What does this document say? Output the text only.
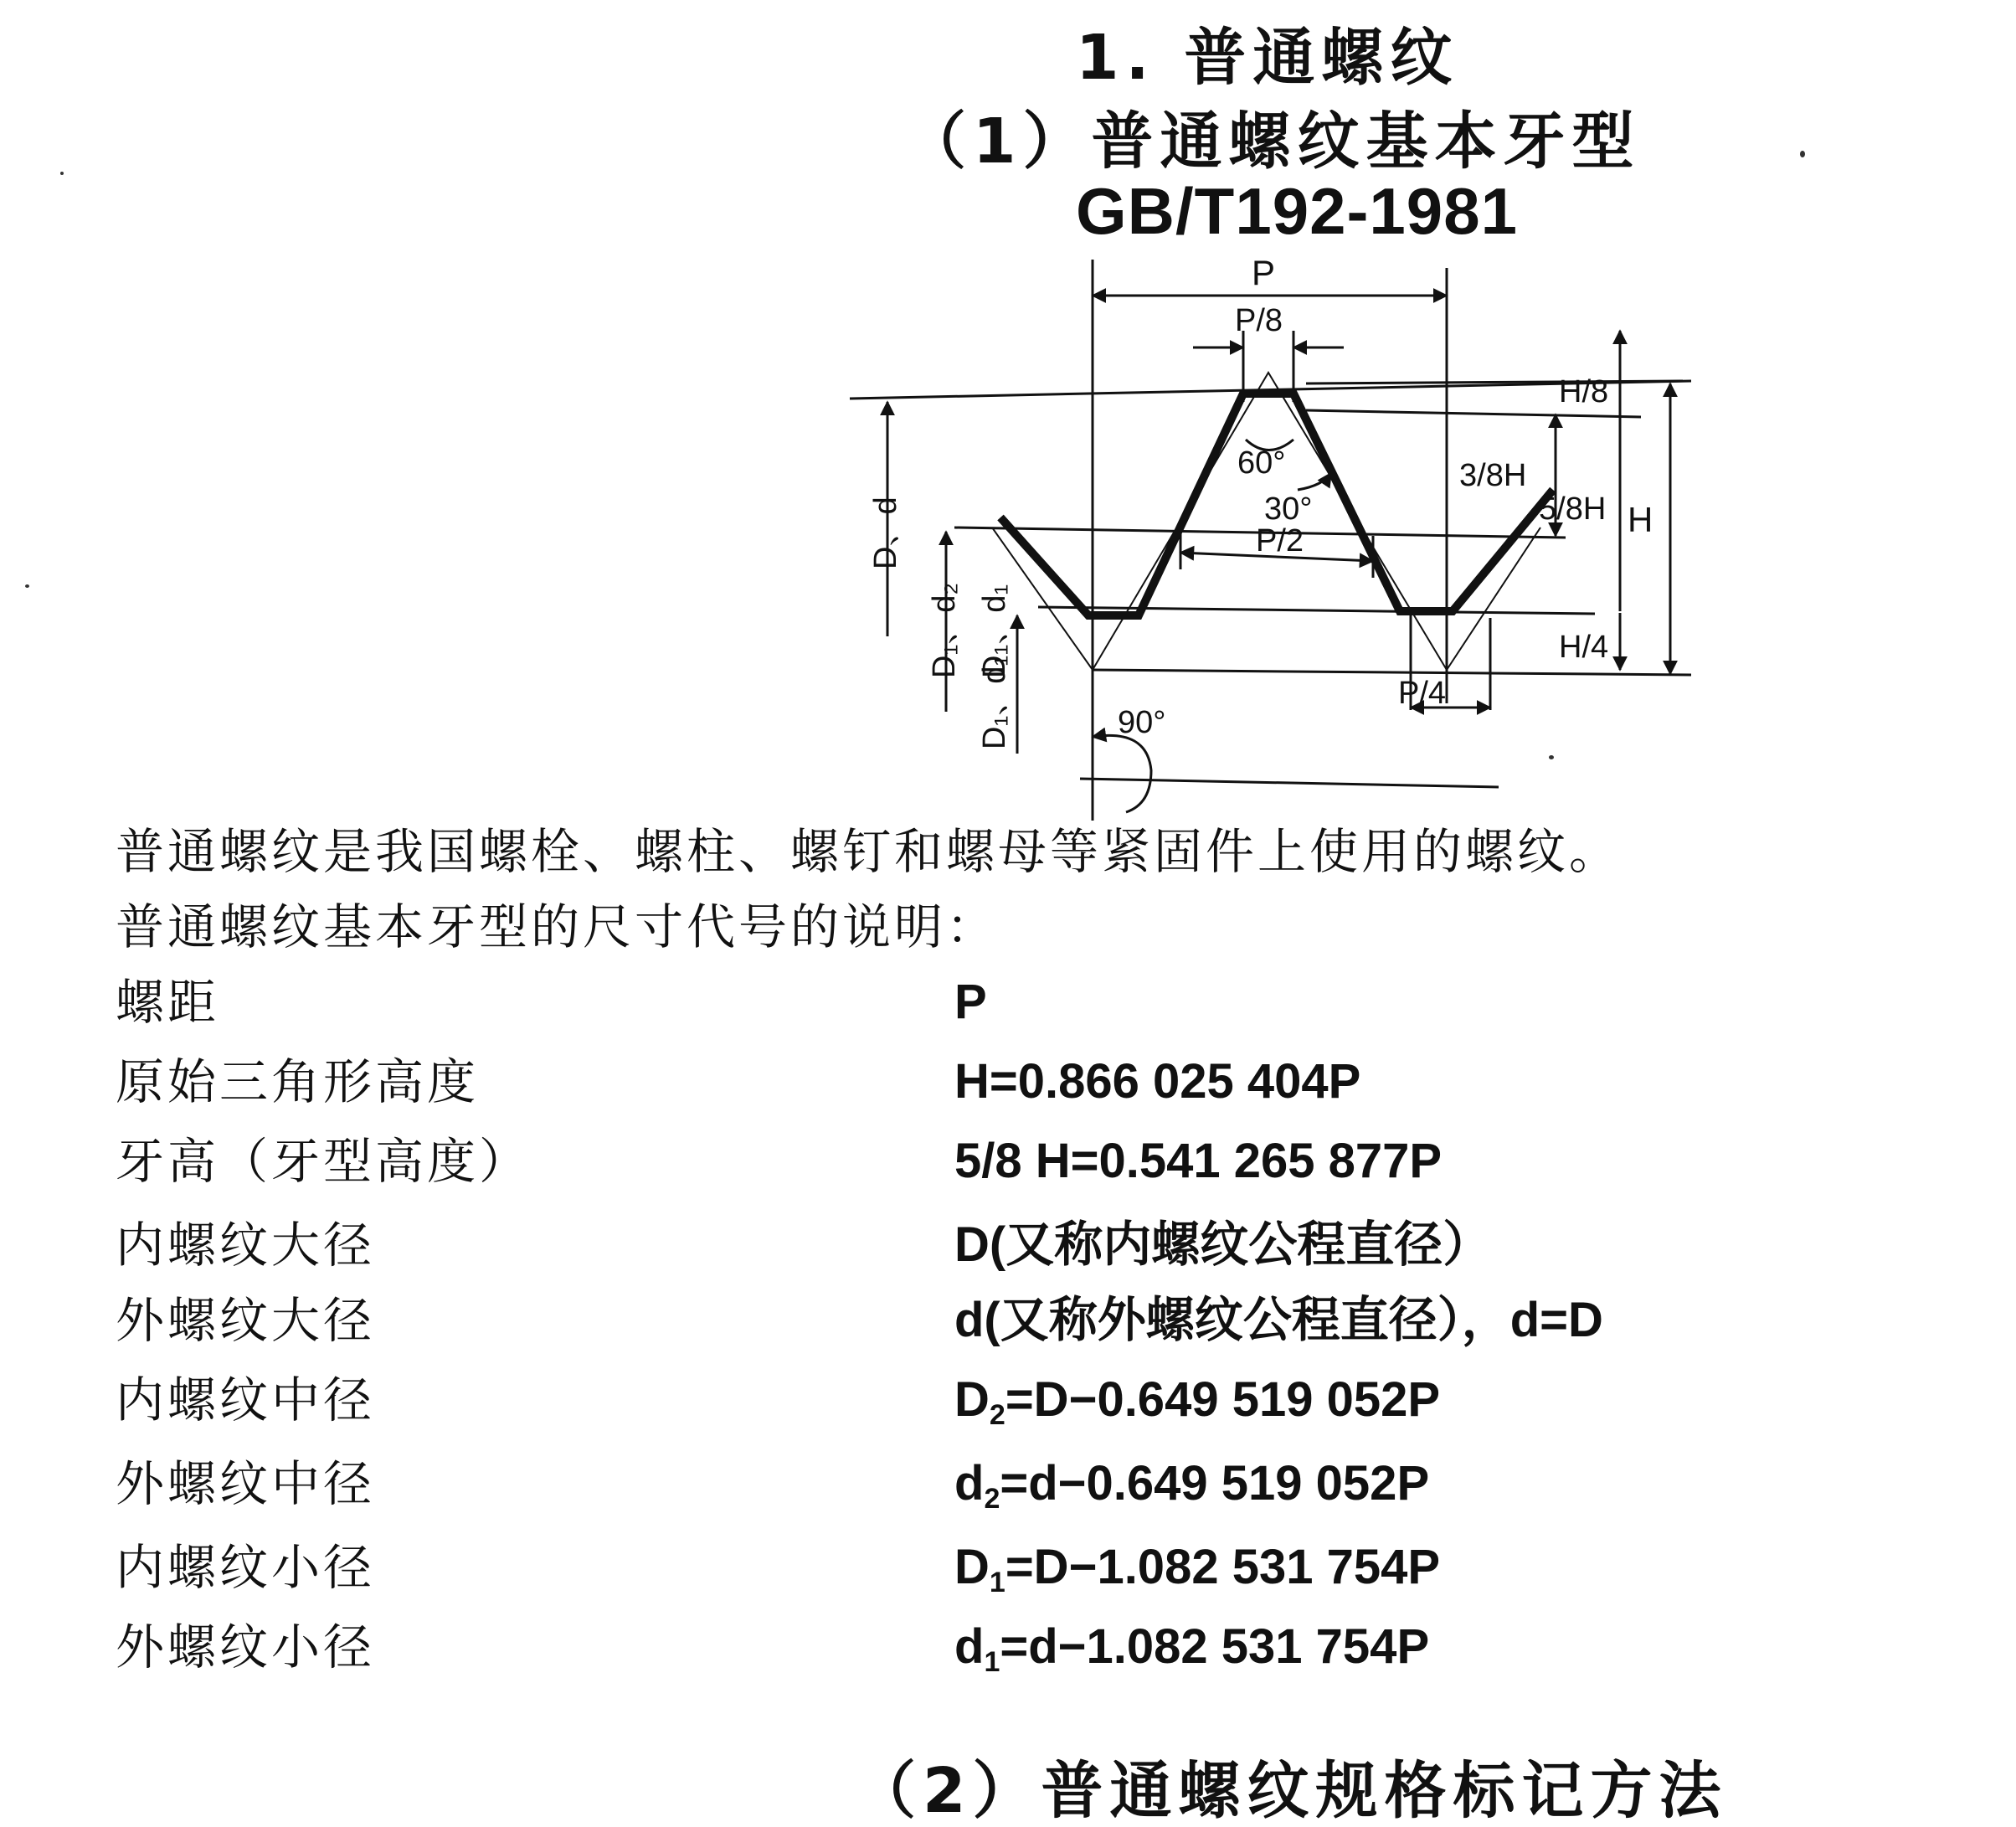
1. 普通螺纹
（1）普通螺纹基本牙型
GB/T192-1981
P
P/8
H/8
60°
30°
3/8H
5/8H H
P/2
H/4
P/4
90°
D、d
D₁、d₂ D₁、d₁
D₁、d₁
普通螺纹是我国螺栓、螺柱、螺钉和螺母等紧固件上使用的螺纹。
普通螺纹基本牙型的尺寸代号的说明：
螺距	P
原始三角形高度	H=0.866 025 404P
牙高（牙型高度）	5/8 H=0.541 265 877P
内螺纹大径	D(又称内螺纹公程直径）
外螺纹大径	d(又称外螺纹公程直径），d=D
内螺纹中径	$D_2=D-0.649$ 519 052P
外螺纹中径	$d_2=d-0.649$ 519 052P
内螺纹小径	$D_1=D-1.082$ 531 754P
外螺纹小径	$d_1=d-1.082$ 531 754P
（2）普通螺纹规格标记方法
